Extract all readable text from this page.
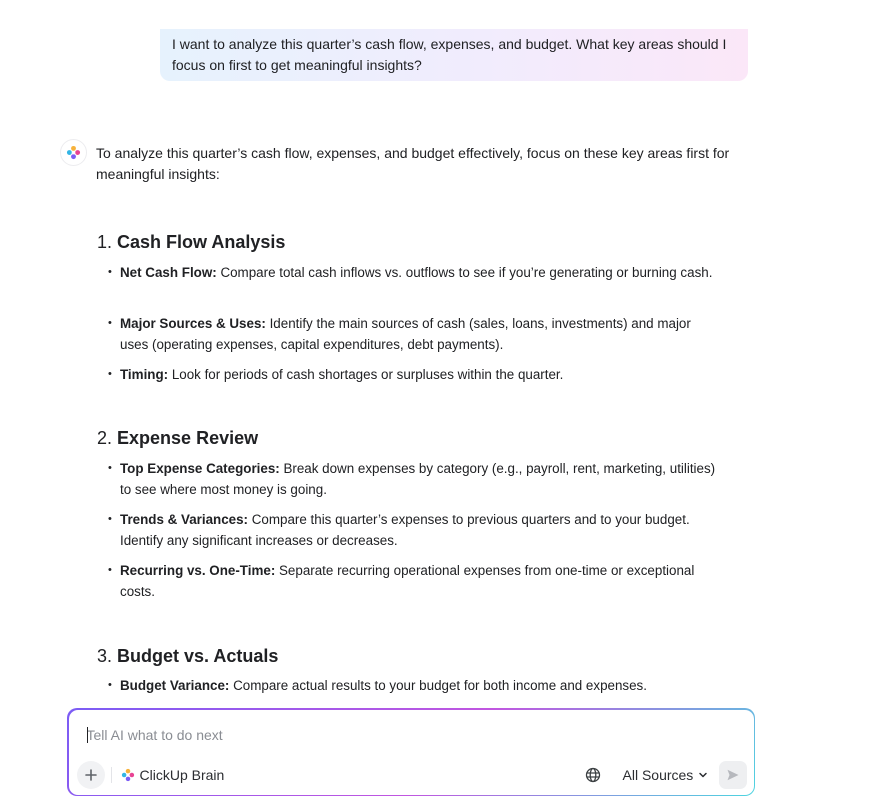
I want to analyze this quarter’s cash flow, expenses, and budget. What key areas should I focus on first to get meaningful insights?
To analyze this quarter’s cash flow, expenses, and budget effectively, focus on these key areas first for meaningful insights:
1. Cash Flow Analysis
• Net Cash Flow: Compare total cash inflows vs. outflows to see if you’re generating or burning cash.
• Major Sources & Uses: Identify the main sources of cash (sales, loans, investments) and major uses (operating expenses, capital expenditures, debt payments).
• Timing: Look for periods of cash shortages or surpluses within the quarter.
2. Expense Review
• Top Expense Categories: Break down expenses by category (e.g., payroll, rent, marketing, utilities) to see where most money is going.
• Trends & Variances: Compare this quarter’s expenses to previous quarters and to your budget. Identify any significant increases or decreases.
• Recurring vs. One-Time: Separate recurring operational expenses from one-time or exceptional costs.
3. Budget vs. Actuals
• Budget Variance: Compare actual results to your budget for both income and expenses.
Tell AI what to do next
ClickUp Brain	All Sources
